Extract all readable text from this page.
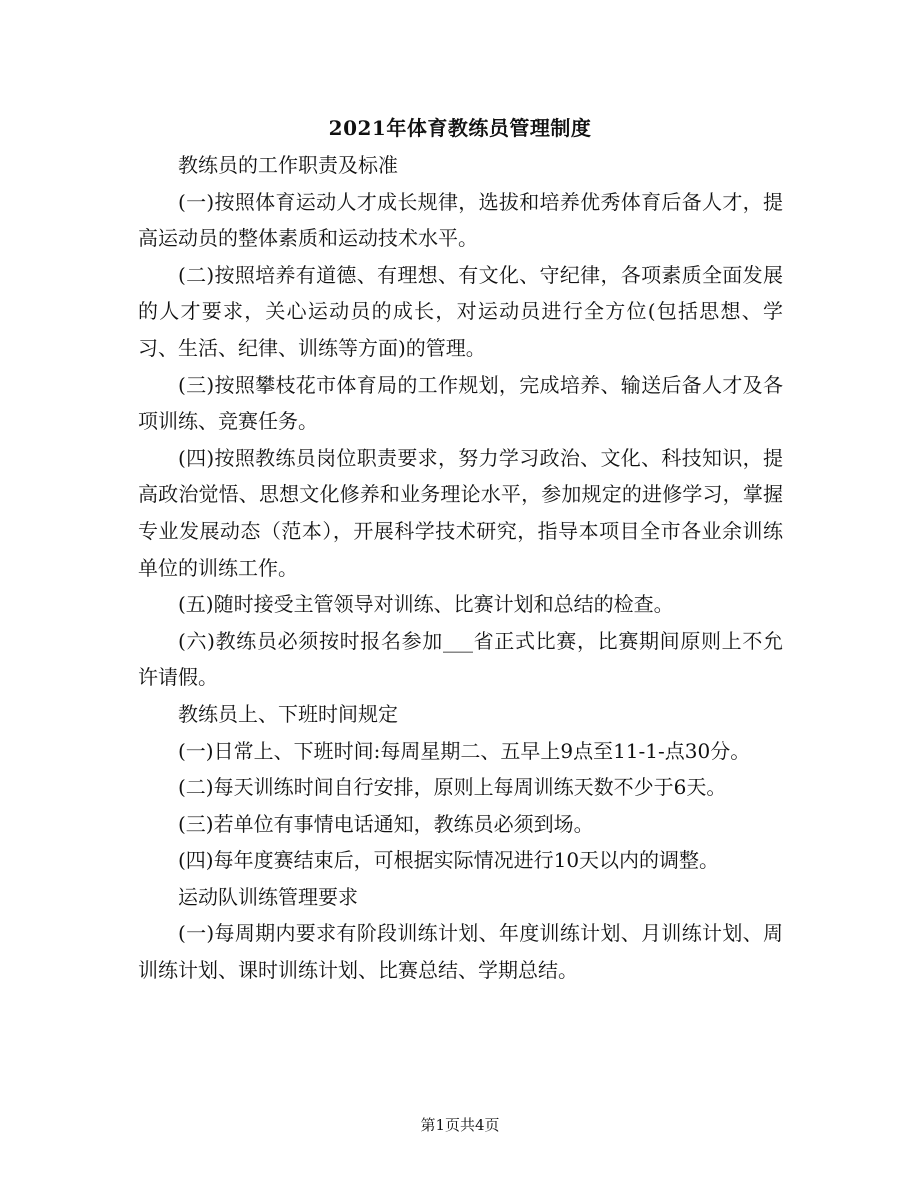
2021年体育教练员管理制度

教练员的工作职责及标准

(一)按照体育运动人才成长规律，选拔和培养优秀体育后备人才，提高运动员的整体素质和运动技术水平。

(二)按照培养有道德、有理想、有文化、守纪律，各项素质全面发展的人才要求，关心运动员的成长，对运动员进行全方位(包括思想、学习、生活、纪律、训练等方面)的管理。

(三)按照攀枝花市体育局的工作规划，完成培养、输送后备人才及各项训练、竞赛任务。

(四)按照教练员岗位职责要求，努力学习政治、文化、科技知识，提高政治觉悟、思想文化修养和业务理论水平，参加规定的进修学习，掌握专业发展动态（范本），开展科学技术研究，指导本项目全市各业余训练单位的训练工作。

(五)随时接受主管领导对训练、比赛计划和总结的检查。

(六)教练员必须按时报名参加___省正式比赛，比赛期间原则上不允许请假。

教练员上、下班时间规定

(一)日常上、下班时间:每周星期二、五早上9点至11-1-点30分。

(二)每天训练时间自行安排，原则上每周训练天数不少于6天。

(三)若单位有事情电话通知，教练员必须到场。

(四)每年度赛结束后，可根据实际情况进行10天以内的调整。

运动队训练管理要求

(一)每周期内要求有阶段训练计划、年度训练计划、月训练计划、周训练计划、课时训练计划、比赛总结、学期总结。

第1页共4页
